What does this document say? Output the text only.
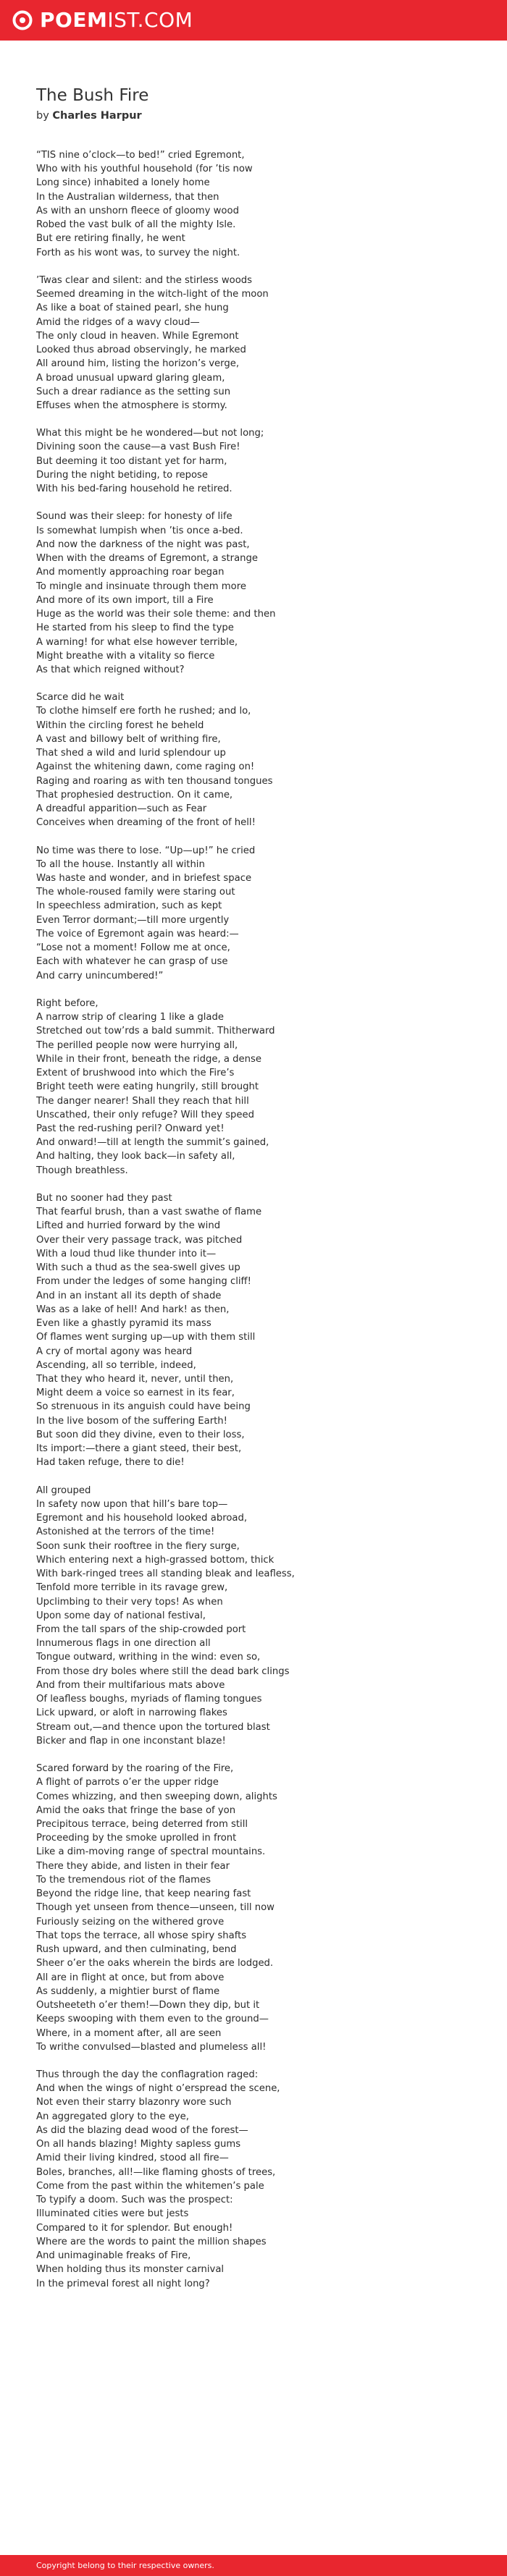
POEMIST.COM
The Bush Fire
by Charles Harpur

“TIS nine o’clock—to bed!” cried Egremont,
Who with his youthful household (for ’tis now
Long since) inhabited a lonely home
In the Australian wilderness, that then
As with an unshorn fleece of gloomy wood
Robed the vast bulk of all the mighty Isle.
But ere retiring finally, he went
Forth as his wont was, to survey the night.

’Twas clear and silent: and the stirless woods
Seemed dreaming in the witch-light of the moon
As like a boat of stained pearl, she hung
Amid the ridges of a wavy cloud—
The only cloud in heaven. While Egremont
Looked thus abroad observingly, he marked
All around him, listing the horizon’s verge,
A broad unusual upward glaring gleam,
Such a drear radiance as the setting sun
Effuses when the atmosphere is stormy.

What this might be he wondered—but not long;
Divining soon the cause—a vast Bush Fire!
But deeming it too distant yet for harm,
During the night betiding, to repose
With his bed-faring household he retired.

Sound was their sleep: for honesty of life
Is somewhat lumpish when ’tis once a-bed.
And now the darkness of the night was past,
When with the dreams of Egremont, a strange
And momently approaching roar began
To mingle and insinuate through them more
And more of its own import, till a Fire
Huge as the world was their sole theme: and then
He started from his sleep to find the type
A warning! for what else however terrible,
Might breathe with a vitality so fierce
As that which reigned without?

Scarce did he wait
To clothe himself ere forth he rushed; and lo,
Within the circling forest he beheld
A vast and billowy belt of writhing fire,
That shed a wild and lurid splendour up
Against the whitening dawn, come raging on!
Raging and roaring as with ten thousand tongues
That prophesied destruction. On it came,
A dreadful apparition—such as Fear
Conceives when dreaming of the front of hell!

No time was there to lose. “Up—up!” he cried
To all the house. Instantly all within
Was haste and wonder, and in briefest space
The whole-roused family were staring out
In speechless admiration, such as kept
Even Terror dormant;—till more urgently
The voice of Egremont again was heard:—
“Lose not a moment! Follow me at once,
Each with whatever he can grasp of use
And carry unincumbered!”

Right before,
A narrow strip of clearing 1 like a glade
Stretched out tow’rds a bald summit. Thitherward
The perilled people now were hurrying all,
While in their front, beneath the ridge, a dense
Extent of brushwood into which the Fire’s
Bright teeth were eating hungrily, still brought
The danger nearer! Shall they reach that hill
Unscathed, their only refuge? Will they speed
Past the red-rushing peril? Onward yet!
And onward!—till at length the summit’s gained,
And halting, they look back—in safety all,
Though breathless.

But no sooner had they past
That fearful brush, than a vast swathe of flame
Lifted and hurried forward by the wind
Over their very passage track, was pitched
With a loud thud like thunder into it—
With such a thud as the sea-swell gives up
From under the ledges of some hanging cliff!
And in an instant all its depth of shade
Was as a lake of hell! And hark! as then,
Even like a ghastly pyramid its mass
Of flames went surging up—up with them still
A cry of mortal agony was heard
Ascending, all so terrible, indeed,
That they who heard it, never, until then,
Might deem a voice so earnest in its fear,
So strenuous in its anguish could have being
In the live bosom of the suffering Earth!
But soon did they divine, even to their loss,
Its import:—there a giant steed, their best,
Had taken refuge, there to die!

All grouped
In safety now upon that hill’s bare top—
Egremont and his household looked abroad,
Astonished at the terrors of the time!
Soon sunk their rooftree in the fiery surge,
Which entering next a high-grassed bottom, thick
With bark-ringed trees all standing bleak and leafless,
Tenfold more terrible in its ravage grew,
Upclimbing to their very tops! As when
Upon some day of national festival,
From the tall spars of the ship-crowded port
Innumerous flags in one direction all
Tongue outward, writhing in the wind: even so,
From those dry boles where still the dead bark clings
And from their multifarious mats above
Of leafless boughs, myriads of flaming tongues
Lick upward, or aloft in narrowing flakes
Stream out,—and thence upon the tortured blast
Bicker and flap in one inconstant blaze!

Scared forward by the roaring of the Fire,
A flight of parrots o’er the upper ridge
Comes whizzing, and then sweeping down, alights
Amid the oaks that fringe the base of yon
Precipitous terrace, being deterred from still
Proceeding by the smoke uprolled in front
Like a dim-moving range of spectral mountains.
There they abide, and listen in their fear
To the tremendous riot of the flames
Beyond the ridge line, that keep nearing fast
Though yet unseen from thence—unseen, till now
Furiously seizing on the withered grove
That tops the terrace, all whose spiry shafts
Rush upward, and then culminating, bend
Sheer o’er the oaks wherein the birds are lodged.
All are in flight at once, but from above
As suddenly, a mightier burst of flame
Outsheeteth o’er them!—Down they dip, but it
Keeps swooping with them even to the ground—
Where, in a moment after, all are seen
To writhe convulsed—blasted and plumeless all!

Thus through the day the conflagration raged:
And when the wings of night o’erspread the scene,
Not even their starry blazonry wore such
An aggregated glory to the eye,
As did the blazing dead wood of the forest—
On all hands blazing! Mighty sapless gums
Amid their living kindred, stood all fire—
Boles, branches, all!—like flaming ghosts of trees,
Come from the past within the whitemen’s pale
To typify a doom. Such was the prospect:
Illuminated cities were but jests
Compared to it for splendor. But enough!
Where are the words to paint the million shapes
And unimaginable freaks of Fire,
When holding thus its monster carnival
In the primeval forest all night long?

Copyright belong to their respective owners.
